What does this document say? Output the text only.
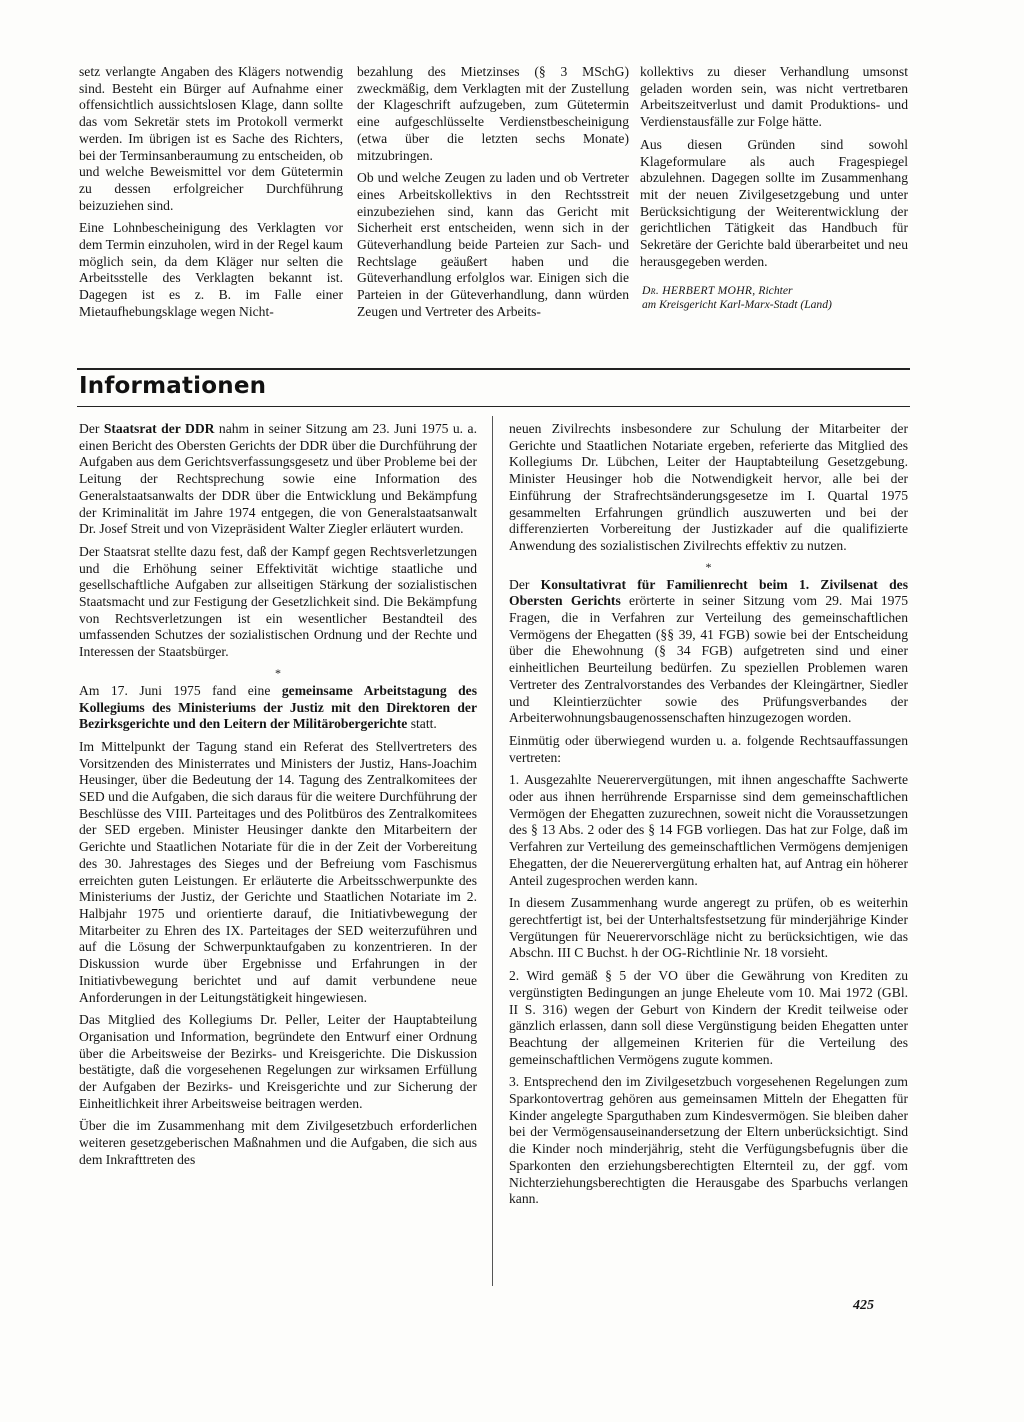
setz verlangte Angaben des Klägers notwendig sind. Besteht ein Bürger auf Aufnahme einer offensichtlich aussichtslosen Klage, dann sollte das vom Sekretär stets im Protokoll vermerkt werden. Im übrigen ist es Sache des Richters, bei der Terminsanberaumung zu entscheiden, ob und welche Beweismittel vor dem Gütetermin zu dessen erfolgreicher Durchführung beizuziehen sind.

Eine Lohnbescheinigung des Verklagten vor dem Termin einzuholen, wird in der Regel kaum möglich sein, da dem Kläger nur selten die Arbeitsstelle des Verklagten bekannt ist. Dagegen ist es z. B. im Falle einer Mietaufhebungsklage wegen Nicht-

bezahlung des Mietzinses (§ 3 MSchG) zweckmäßig, dem Verklagten mit der Zustellung der Klageschrift aufzugeben, zum Gütetermin eine aufgeschlüsselte Verdienstbescheinigung (etwa über die letzten sechs Monate) mitzubringen.

Ob und welche Zeugen zu laden und ob Vertreter eines Arbeitskollektivs in den Rechtsstreit einzubeziehen sind, kann das Gericht mit Sicherheit erst entscheiden, wenn sich in der Güteverhandlung beide Parteien zur Sach- und Rechtslage geäußert haben und die Güteverhandlung erfolglos war. Einigen sich die Parteien in der Güteverhandlung, dann würden Zeugen und Vertreter des Arbeits-

kollektivs zu dieser Verhandlung umsonst geladen worden sein, was nicht vertretbaren Arbeitszeitverlust und damit Produktions- und Verdienstausfälle zur Folge hätte.

Aus diesen Gründen sind sowohl Klageformulare als auch Fragespiegel abzulehnen. Dagegen sollte im Zusammenhang mit der neuen Zivilgesetzgebung und unter Berücksichtigung der Weiterentwicklung der gerichtlichen Tätigkeit das Handbuch für Sekretäre der Gerichte bald überarbeitet und neu herausgegeben werden.

Dr. HERBERT MOHR, Richter
am Kreisgericht Karl-Marx-Stadt (Land)
Informationen

Der Staatsrat der DDR nahm in seiner Sitzung am 23. Juni 1975 u. a. einen Bericht des Obersten Gerichts der DDR über die Durchführung der Aufgaben aus dem Gerichtsverfassungsgesetz und über Probleme bei der Leitung der Rechtsprechung sowie eine Information des Generalstaatsanwalts der DDR über die Entwicklung und Bekämpfung der Kriminalität im Jahre 1974 entgegen, die von Generalstaatsanwalt Dr. Josef Streit und von Vizepräsident Walter Ziegler erläutert wurden.

Der Staatsrat stellte dazu fest, daß der Kampf gegen Rechtsverletzungen und die Erhöhung seiner Effektivität wichtige staatliche und gesellschaftliche Aufgaben zur allseitigen Stärkung der sozialistischen Staatsmacht und zur Festigung der Gesetzlichkeit sind. Die Bekämpfung von Rechtsverletzungen ist ein wesentlicher Bestandteil des umfassenden Schutzes der sozialistischen Ordnung und der Rechte und Interessen der Staatsbürger.

*

Am 17. Juni 1975 fand eine gemeinsame Arbeitstagung des Kollegiums des Ministeriums der Justiz mit den Direktoren der Bezirksgerichte und den Leitern der Militärobergerichte statt.

Im Mittelpunkt der Tagung stand ein Referat des Stellvertreters des Vorsitzenden des Ministerrates und Ministers der Justiz, Hans-Joachim Heusinger, über die Bedeutung der 14. Tagung des Zentralkomitees der SED und die Aufgaben, die sich daraus für die weitere Durchführung der Beschlüsse des VIII. Parteitages und des Politbüros des Zentralkomitees der SED ergeben. Minister Heusinger dankte den Mitarbeitern der Gerichte und Staatlichen Notariate für die in der Zeit der Vorbereitung des 30. Jahrestages des Sieges und der Befreiung vom Faschismus erreichten guten Leistungen. Er erläuterte die Arbeitsschwerpunkte des Ministeriums der Justiz, der Gerichte und Staatlichen Notariate im 2. Halbjahr 1975 und orientierte darauf, die Initiativbewegung der Mitarbeiter zu Ehren des IX. Parteitages der SED weiterzuführen und auf die Lösung der Schwerpunktaufgaben zu konzentrieren. In der Diskussion wurde über Ergebnisse und Erfahrungen in der Initiativbewegung berichtet und auf damit verbundene neue Anforderungen in der Leitungstätigkeit hingewiesen.

Das Mitglied des Kollegiums Dr. Peller, Leiter der Hauptabteilung Organisation und Information, begründete den Entwurf einer Ordnung über die Arbeitsweise der Bezirks- und Kreisgerichte. Die Diskussion bestätigte, daß die vorgesehenen Regelungen zur wirksamen Erfüllung der Aufgaben der Bezirks- und Kreisgerichte und zur Sicherung der Einheitlichkeit ihrer Arbeitsweise beitragen werden.

Über die im Zusammenhang mit dem Zivilgesetzbuch erforderlichen weiteren gesetzgeberischen Maßnahmen und die Aufgaben, die sich aus dem Inkrafttreten des

neuen Zivilrechts insbesondere zur Schulung der Mitarbeiter der Gerichte und Staatlichen Notariate ergeben, referierte das Mitglied des Kollegiums Dr. Lübchen, Leiter der Hauptabteilung Gesetzgebung. Minister Heusinger hob die Notwendigkeit hervor, alle bei der Einführung der Strafrechtsänderungsgesetze im I. Quartal 1975 gesammelten Erfahrungen gründlich auszuwerten und bei der differenzierten Vorbereitung der Justizkader auf die qualifizierte Anwendung des sozialistischen Zivilrechts effektiv zu nutzen.

*

Der Konsultativrat für Familienrecht beim 1. Zivilsenat des Obersten Gerichts erörterte in seiner Sitzung vom 29. Mai 1975 Fragen, die in Verfahren zur Verteilung des gemeinschaftlichen Vermögens der Ehegatten (§§ 39, 41 FGB) sowie bei der Entscheidung über die Ehewohnung (§ 34 FGB) aufgetreten sind und einer einheitlichen Beurteilung bedürfen. Zu speziellen Problemen waren Vertreter des Zentralvorstandes des Verbandes der Kleingärtner, Siedler und Kleintierzüchter sowie des Prüfungsverbandes der Arbeiterwohnungsbaugenossenschaften hinzugezogen worden.

Einmütig oder überwiegend wurden u. a. folgende Rechtsauffassungen vertreten:

1. Ausgezahlte Neuerervergütungen, mit ihnen angeschaffte Sachwerte oder aus ihnen herrührende Ersparnisse sind dem gemeinschaftlichen Vermögen der Ehegatten zuzurechnen, soweit nicht die Voraussetzungen des § 13 Abs. 2 oder des § 14 FGB vorliegen. Das hat zur Folge, daß im Verfahren zur Verteilung des gemeinschaftlichen Vermögens demjenigen Ehegatten, der die Neuerervergütung erhalten hat, auf Antrag ein höherer Anteil zugesprochen werden kann.

In diesem Zusammenhang wurde angeregt zu prüfen, ob es weiterhin gerechtfertigt ist, bei der Unterhaltsfestsetzung für minderjährige Kinder Vergütungen für Neuerervorschläge nicht zu berücksichtigen, wie das Abschn. III C Buchst. h der OG-Richtlinie Nr. 18 vorsieht.

2. Wird gemäß § 5 der VO über die Gewährung von Krediten zu vergünstigten Bedingungen an junge Eheleute vom 10. Mai 1972 (GBl. II S. 316) wegen der Geburt von Kindern der Kredit teilweise oder gänzlich erlassen, dann soll diese Vergünstigung beiden Ehegatten unter Beachtung der allgemeinen Kriterien für die Verteilung des gemeinschaftlichen Vermögens zugute kommen.

3. Entsprechend den im Zivilgesetzbuch vorgesehenen Regelungen zum Sparkontovertrag gehören aus gemeinsamen Mitteln der Ehegatten für Kinder angelegte Sparguthaben zum Kindesvermögen. Sie bleiben daher bei der Vermögensauseinandersetzung der Eltern unberücksichtigt. Sind die Kinder noch minderjährig, steht die Verfügungsbefugnis über die Sparkonten den erziehungsberechtigten Elternteil zu, der ggf. vom Nichterziehungsberechtigten die Herausgabe des Sparbuchs verlangen kann.

425
